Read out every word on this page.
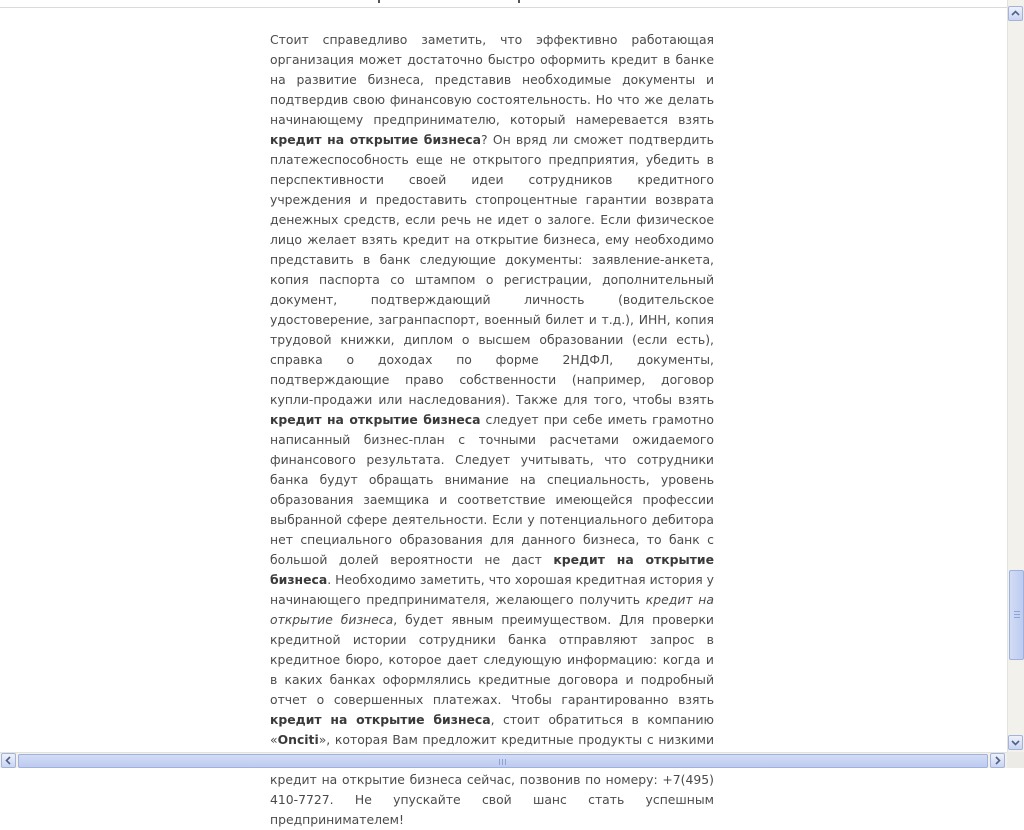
Стоит справедливо заметить, что эффективно работающая организация может достаточно быстро оформить кредит в банке на развитие бизнеса, представив необходимые документы и подтвердив свою финансовую состоятельность. Но что же делать начинающему предпринимателю, который намеревается взять кредит на открытие бизнеса? Он вряд ли сможет подтвердить платежеспособность еще не открытого предприятия, убедить в перспективности своей идеи сотрудников кредитного учреждения и предоставить стопроцентные гарантии возврата денежных средств, если речь не идет о залоге. Если физическое лицо желает взять кредит на открытие бизнеса, ему необходимо представить в банк следующие документы: заявление-анкета, копия паспорта со штампом о регистрации, дополнительный документ, подтверждающий личность (водительское удостоверение, загранпаспорт, военный билет и т.д.), ИНН, копия трудовой книжки, диплом о высшем образовании (если есть), справка о доходах по форме 2НДФЛ, документы, подтверждающие право собственности (например, договор купли-продажи или наследования). Также для того, чтобы взять кредит на открытие бизнеса следует при себе иметь грамотно написанный бизнес-план с точными расчетами ожидаемого финансового результата. Следует учитывать, что сотрудники банка будут обращать внимание на специальность, уровень образования заемщика и соответствие имеющейся профессии выбранной сфере деятельности. Если у потенциального дебитора нет специального образования для данного бизнеса, то банк с большой долей вероятности не даст кредит на открытие бизнеса. Необходимо заметить, что хорошая кредитная история у начинающего предпринимателя, желающего получить кредит на открытие бизнеса, будет явным преимуществом. Для проверки кредитной истории сотрудники банка отправляют запрос в кредитное бюро, которое дает следующую информацию: когда и в каких банках оформлялись кредитные договора и подробный отчет о совершенных платежах. Чтобы гарантированно взять кредит на открытие бизнеса, стоит обратиться в компанию «Onciti», которая Вам предложит кредитные продукты с низкими кредит на открытие бизнеса сейчас, позвонив по номеру: +7(495) 410-7727. Не упускайте свой шанс стать успешным предпринимателем!
